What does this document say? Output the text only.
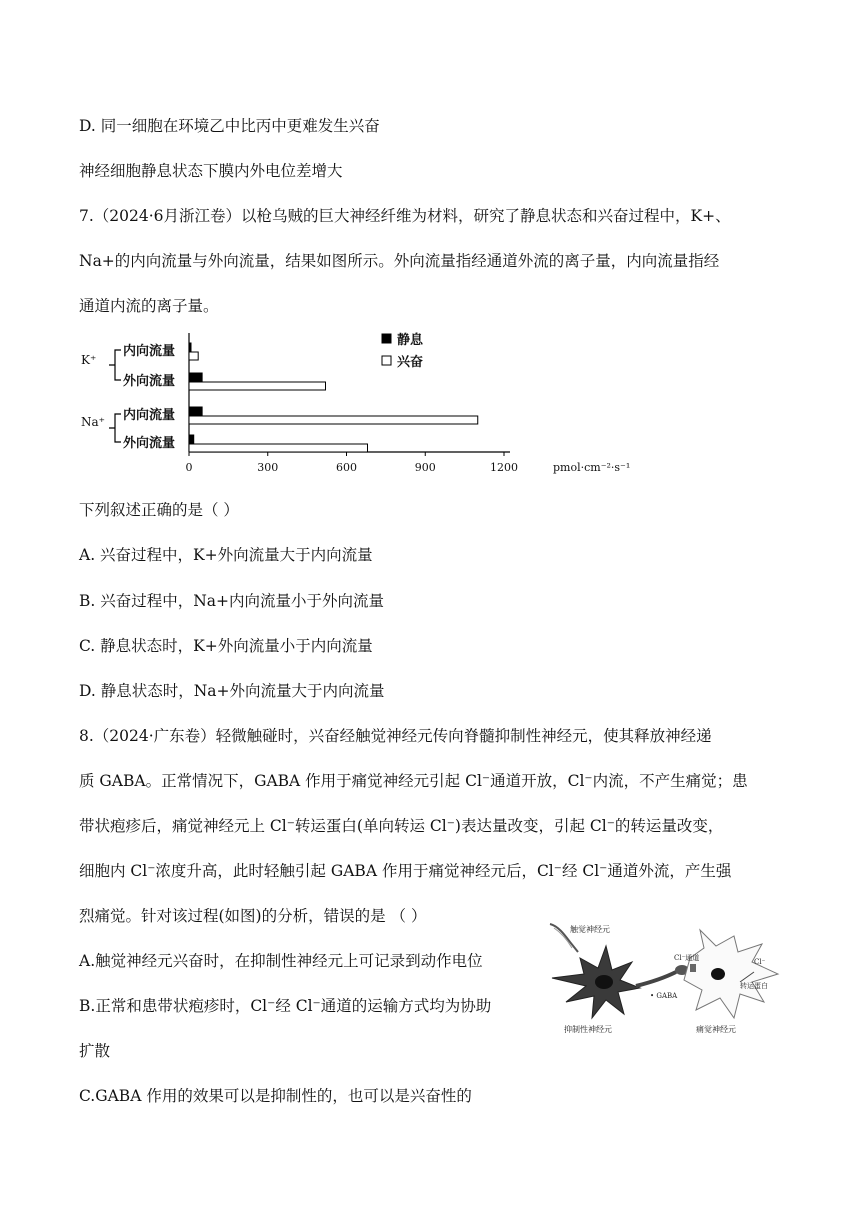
D. 同一细胞在环境乙中比丙中更难发生兴奋
神经细胞静息状态下膜内外电位差增大
7.（2024·6月浙江卷）以枪乌贼的巨大神经纤维为材料，研究了静息状态和兴奋过程中，K+、
Na+的内向流量与外向流量，结果如图所示。外向流量指经通道外流的离子量，内向流量指经
通道内流的离子量。
0	300	600	900	1200	pmol·cm⁻²·s⁻¹
K⁺
Na⁺
内向流量
外向流量
内向流量
外向流量
静息
兴奋
下列叙述正确的是（ ）
A. 兴奋过程中，K+外向流量大于内向流量
B. 兴奋过程中，Na+内向流量小于外向流量
C. 静息状态时，K+外向流量小于内向流量
D. 静息状态时，Na+外向流量大于内向流量
8.（2024·广东卷）轻微触碰时，兴奋经触觉神经元传向脊髓抑制性神经元，使其释放神经递
质 GABA。正常情况下，GABA 作用于痛觉神经元引起 Cl⁻通道开放，Cl⁻内流，不产生痛觉；患
带状疱疹后，痛觉神经元上 Cl⁻转运蛋白(单向转运 Cl⁻)表达量改变，引起 Cl⁻的转运量改变，
细胞内 Cl⁻浓度升高，此时轻触引起 GABA 作用于痛觉神经元后，Cl⁻经 Cl⁻通道外流，产生强
烈痛觉。针对该过程(如图)的分析，错误的是 （ ）
A.触觉神经元兴奋时，在抑制性神经元上可记录到动作电位
B.正常和患带状疱疹时，Cl⁻经 Cl⁻通道的运输方式均为协助
扩散
C.GABA 作用的效果可以是抑制性的，也可以是兴奋性的
触觉神经元
• GABA
抑制性神经元
Cl⁻通道	Cl⁻
转运蛋白
痛觉神经元
